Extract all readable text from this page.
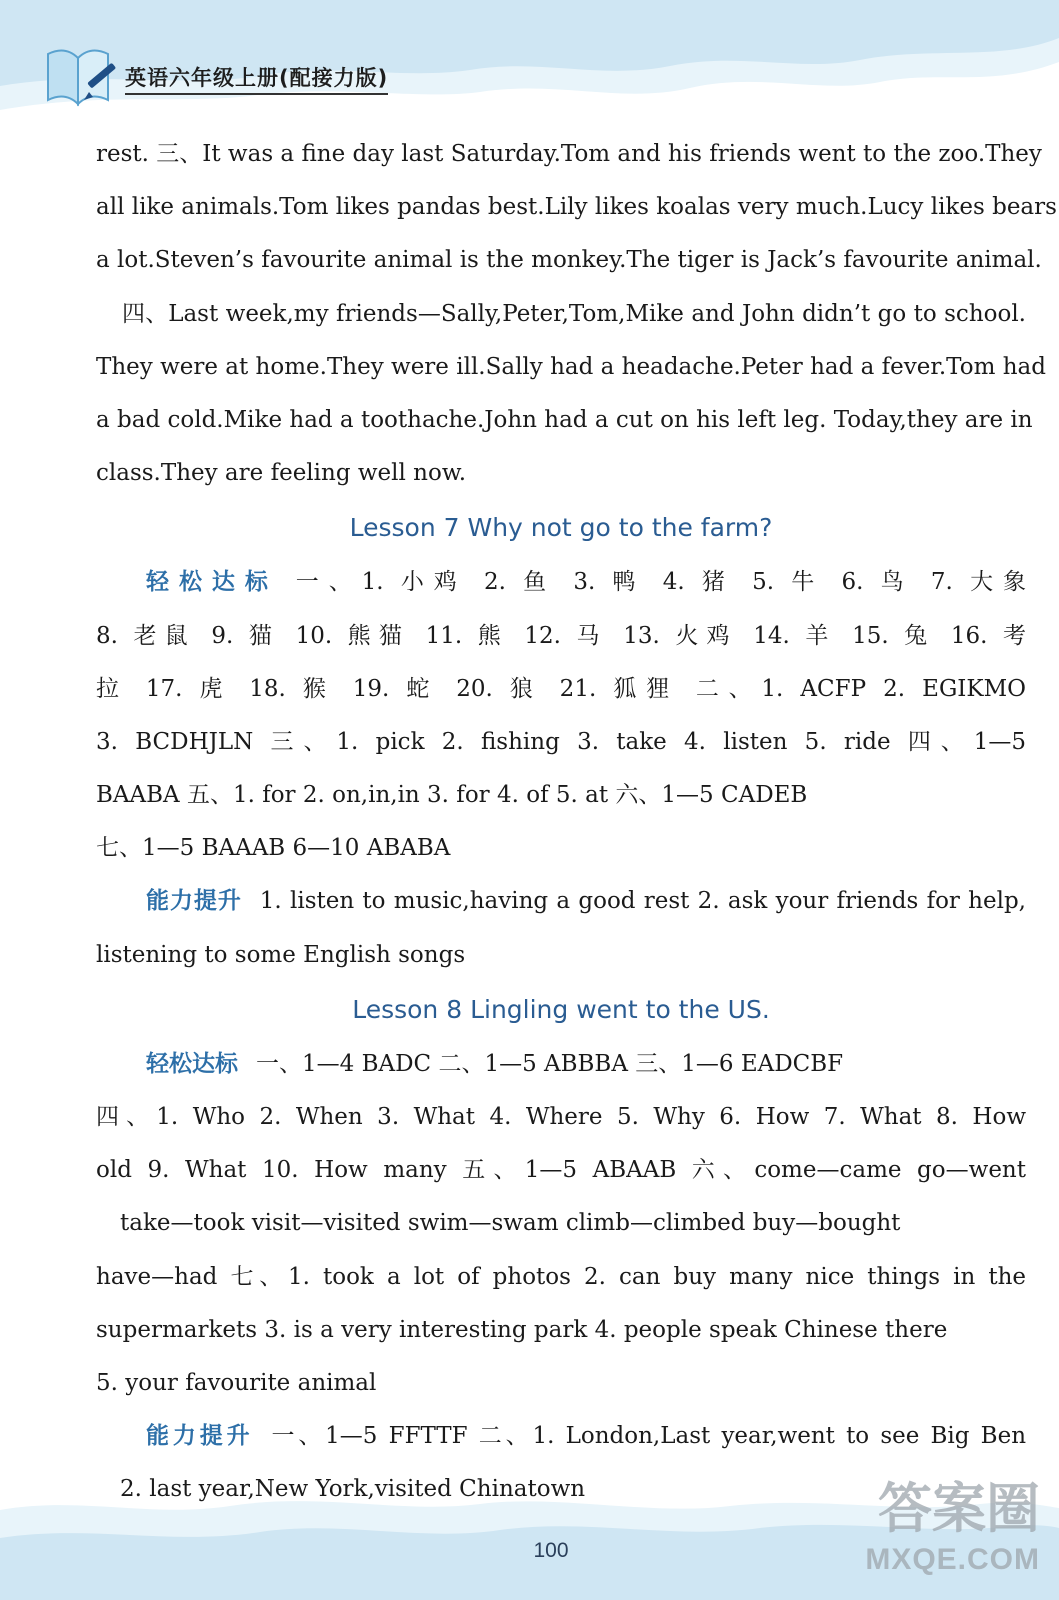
英语六年级上册(配接力版)
rest. 三、It was a fine day last Saturday.Tom and his friends went to the zoo.They
all like animals.Tom likes pandas best.Lily likes koalas very much.Lucy likes bears
a lot.Steven’s favourite animal is the monkey.The tiger is Jack’s favourite animal.
四、Last week,my friends—Sally,Peter,Tom,Mike and John didn’t go to school.
They were at home.They were ill.Sally had a headache.Peter had a fever.Tom had
a bad cold.Mike had a toothache.John had a cut on his left leg. Today,they are in
class.They are feeling well now.
Lesson 7 Why not go to the farm?
轻松达标 一、1. 小鸡 2. 鱼 3. 鸭 4. 猪 5. 牛 6. 鸟 7. 大象
8. 老鼠 9. 猫 10. 熊猫 11. 熊 12. 马 13. 火鸡 14. 羊 15. 兔 16. 考
拉 17. 虎 18. 猴 19. 蛇 20. 狼 21. 狐狸 二、1. ACFP 2. EGIKMO
3. BCDHJLN 三、1. pick 2. fishing 3. take 4. listen 5. ride 四、1—5
BAABA 五、1. for 2. on,in,in 3. for 4. of 5. at 六、1—5 CADEB
七、1—5 BAAAB 6—10 ABABA
能力提升 1. listen to music,having a good rest 2. ask your friends for help,
listening to some English songs
Lesson 8 Lingling went to the US.
轻松达标 一、1—4 BADC 二、1—5 ABBBA 三、1—6 EADCBF
四、1. Who 2. When 3. What 4. Where 5. Why 6. How 7. What 8. How
old 9. What 10. How many 五、1—5 ABAAB 六、come—came go—went
take—took visit—visited swim—swam climb—climbed buy—bought
have—had 七、1. took a lot of photos 2. can buy many nice things in the
supermarkets 3. is a very interesting park 4. people speak Chinese there
5. your favourite animal
能力提升 一、1—5 FFTTF 二、1. London,Last year,went to see Big Ben
2. last year,New York,visited Chinatown
100
答案圈
MXQE.COM
